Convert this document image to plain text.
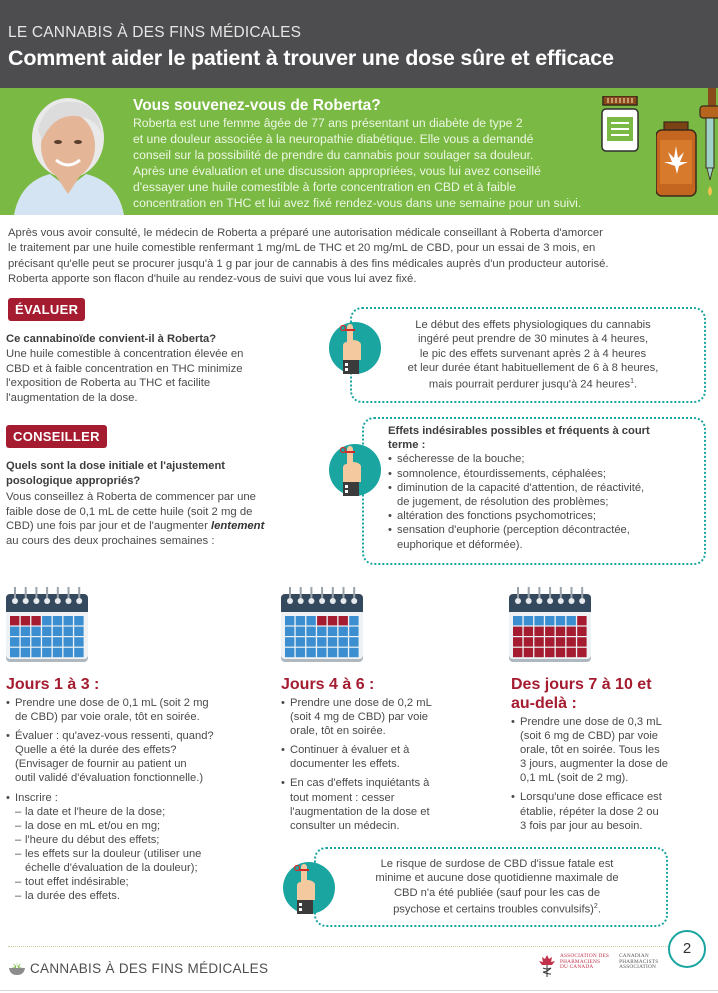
LE CANNABIS À DES FINS MÉDICALES
Comment aider le patient à trouver une dose sûre et efficace
Vous souvenez-vous de Roberta?
Roberta est une femme âgée de 77 ans présentant un diabète de type 2
et une douleur associée à la neuropathie diabétique. Elle vous a demandé
conseil sur la possibilité de prendre du cannabis pour soulager sa douleur.
Après une évaluation et une discussion appropriées, vous lui avez conseillé
d'essayer une huile comestible à forte concentration en CBD et à faible
concentration en THC et lui avez fixé rendez-vous dans une semaine pour un suivi.
Après vous avoir consulté, le médecin de Roberta a préparé une autorisation médicale conseillant à Roberta d'amorcer
le traitement par une huile comestible renfermant 1 mg/mL de THC et 20 mg/mL de CBD, pour un essai de 3 mois, en
précisant qu'elle peut se procurer jusqu'à 1 g par jour de cannabis à des fins médicales auprès d'un producteur autorisé.
Roberta apporte son flacon d'huile au rendez-vous de suivi que vous lui avez fixé.
ÉVALUER
Ce cannabinoïde convient-il à Roberta?
Une huile comestible à concentration élevée en
CBD et à faible concentration en THC minimize
l'exposition de Roberta au THC et facilite
l'augmentation de la dose.
CONSEILLER
Quels sont la dose initiale et l'ajustement
posologique appropriés?
Vous conseillez à Roberta de commencer par une
faible dose de 0,1 mL de cette huile (soit 2 mg de
CBD) une fois par jour et de l'augmenter lentement
au cours des deux prochaines semaines :
Le début des effets physiologiques du cannabis
ingéré peut prendre de 30 minutes à 4 heures,
le pic des effets survenant après 2 à 4 heures
et leur durée étant habituellement de 6 à 8 heures,
mais pourrait perdurer jusqu'à 24 heures$^1$.
Effets indésirables possibles et fréquents à court
terme :
• sécheresse de la bouche;
• somnolence, étourdissements, céphalées;
• diminution de la capacité d'attention, de réactivité,
de jugement, de résolution des problèmes;
• altération des fonctions psychomotrices;
• sensation d'euphorie (perception décontractée,
euphorique et déformée).
Jours 1 à 3 :
• Prendre une dose de 0,1 mL (soit 2 mg
de CBD) par voie orale, tôt en soirée.
• Évaluer : qu'avez-vous ressenti, quand?
Quelle a été la durée des effets?
(Envisager de fournir au patient un
outil validé d'évaluation fonctionnelle.)
• Inscrire :
– la date et l'heure de la dose;
– la dose en mL et/ou en mg;
– l'heure du début des effets;
– les effets sur la douleur (utiliser une
échelle d'évaluation de la douleur);
– tout effet indésirable;
– la durée des effets.
Jours 4 à 6 :
• Prendre une dose de 0,2 mL
(soit 4 mg de CBD) par voie
orale, tôt en soirée.
• Continuer à évaluer et à
documenter les effets.
• En cas d'effets inquiétants à
tout moment : cesser
l'augmentation de la dose et
consulter un médecin.
Des jours 7 à 10 et
au-delà :
• Prendre une dose de 0,3 mL
(soit 6 mg de CBD) par voie
orale, tôt en soirée. Tous les
3 jours, augmenter la dose de
0,1 mL (soit de 2 mg).
• Lorsqu'une dose efficace est
établie, répéter la dose 2 ou
3 fois par jour au besoin.
Le risque de surdose de CBD d'issue fatale est
minime et aucune dose quotidienne maximale de
CBD n'a été publiée (sauf pour les cas de
psychose et certains troubles convulsifs)$^2$.
2
CANNABIS À DES FINS MÉDICALES
ASSOCIATION DES
PHARMACIENS
DU CANADA
CANADIAN
PHARMACISTS
ASSOCIATION
